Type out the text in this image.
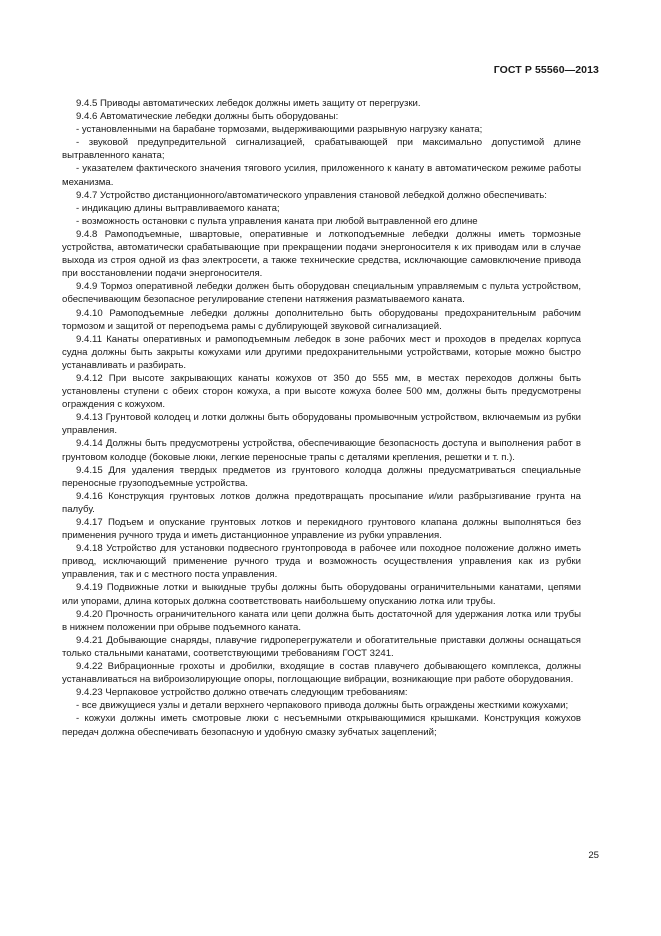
ГОСТ Р 55560—2013

9.4.5 Приводы автоматических лебедок должны иметь защиту от перегрузки.

9.4.6 Автоматические лебедки должны быть оборудованы:

- установленными на барабане тормозами, выдерживающими разрывную нагрузку каната;

- звуковой предупредительной сигнализацией, срабатывающей при максимально допустимой длине вытравленного каната;

- указателем фактического значения тягового усилия, приложенного к канату в автоматическом режиме работы механизма.

9.4.7 Устройство дистанционного/автоматического управления становой лебедкой должно обеспечивать:

- индикацию длины вытравливаемого каната;

- возможность остановки с пульта управления каната при любой вытравленной его длине

9.4.8 Рамоподъемные, швартовые, оперативные и лоткоподъемные лебедки должны иметь тормозные устройства, автоматически срабатывающие при прекращении подачи энергоносителя к их приводам или в случае выхода из строя одной из фаз электросети, а также технические средства, исключающие самовключение привода при восстановлении подачи энергоносителя.

9.4.9 Тормоз оперативной лебедки должен быть оборудован специальным управляемым с пульта устройством, обеспечивающим безопасное регулирование степени натяжения разматываемого каната.

9.4.10 Рамоподъемные лебедки должны дополнительно быть оборудованы предохранительным рабочим тормозом и защитой от переподъема рамы с дублирующей звуковой сигнализацией.

9.4.11 Канаты оперативных и рамоподъемным лебедок в зоне рабочих мест и проходов в пределах корпуса судна должны быть закрыты кожухами или другими предохранительными устройствами, которые можно быстро устанавливать и разбирать.

9.4.12 При высоте закрывающих канаты кожухов от 350 до 555 мм, в местах переходов должны быть установлены ступени с обеих сторон кожуха, а при высоте кожуха более 500 мм, должны быть предусмотрены ограждения с кожухом.

9.4.13 Грунтовой колодец и лотки должны быть оборудованы промывочным устройством, включаемым из рубки управления.

9.4.14 Должны быть предусмотрены устройства, обеспечивающие безопасность доступа и выполнения работ в грунтовом колодце (боковые люки, легкие переносные трапы с деталями крепления, решетки и т. п.).

9.4.15 Для удаления твердых предметов из грунтового колодца должны предусматриваться специальные переносные грузоподъемные устройства.

9.4.16 Конструкция грунтовых лотков должна предотвращать просыпание и/или разбрызгивание грунта на палубу.

9.4.17 Подъем и опускание грунтовых лотков и перекидного грунтового клапана должны выполняться без применения ручного труда и иметь дистанционное управление из рубки управления.

9.4.18 Устройство для установки подвесного грунтопровода в рабочее или походное положение должно иметь привод, исключающий применение ручного труда и возможность осуществления управления как из рубки управления, так и с местного поста управления.

9.4.19 Подвижные лотки и выкидные трубы должны быть оборудованы ограничительными канатами, цепями или упорами, длина которых должна соответствовать наибольшему опусканию лотка или трубы.

9.4.20 Прочность ограничительного каната или цепи должна быть достаточной для удержания лотка или трубы в нижнем положении при обрыве подъемного каната.

9.4.21 Добывающие снаряды, плавучие гидроперегружатели и обогатительные приставки должны оснащаться только стальными канатами, соответствующими требованиям ГОСТ 3241.

9.4.22 Вибрационные грохоты и дробилки, входящие в состав плавучего добывающего комплекса, должны устанавливаться на виброизолирующие опоры, поглощающие вибрации, возникающие при работе оборудования.

9.4.23 Черпаковое устройство должно отвечать следующим требованиям:

- все движущиеся узлы и детали верхнего черпакового привода должны быть ограждены жесткими кожухами;

- кожухи должны иметь смотровые люки с несъемными открывающимися крышками. Конструкция кожухов передач должна обеспечивать безопасную и удобную смазку зубчатых зацеплений;

25
